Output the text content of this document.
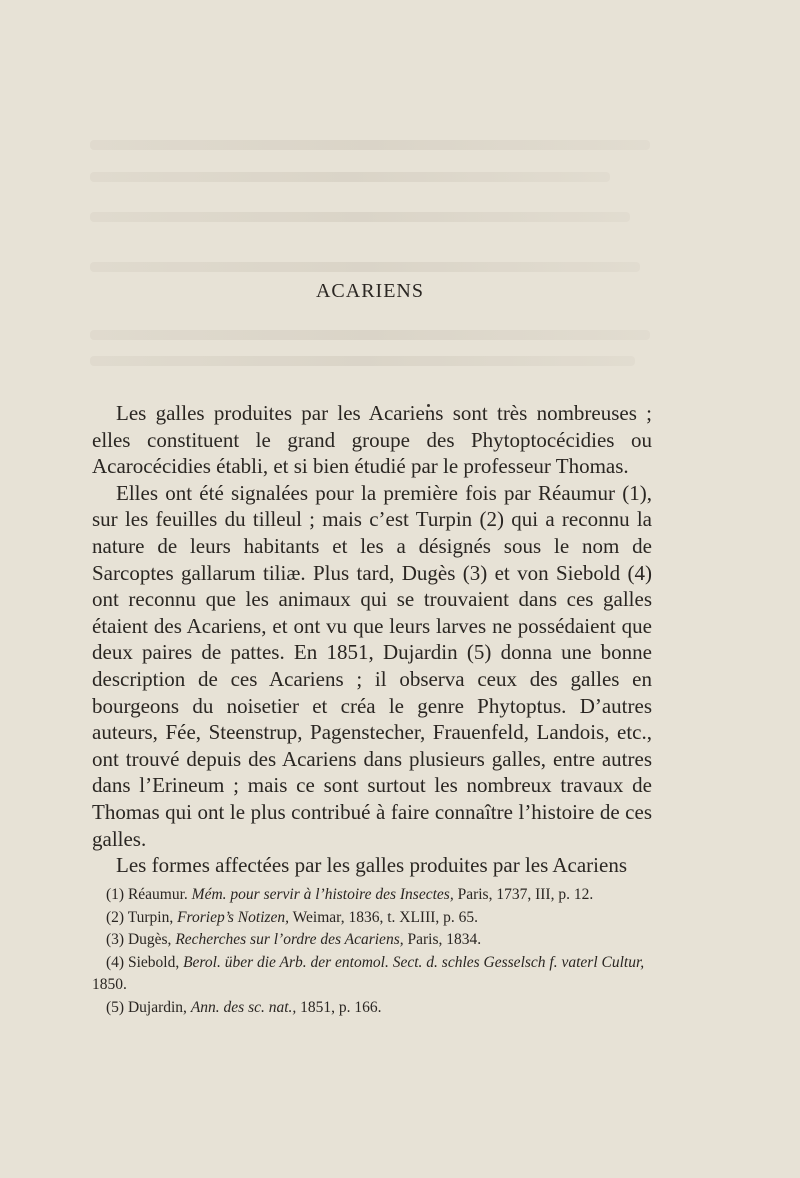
ACARIENS

Les galles produites par les Acariens sont très nombreuses ; elles constituent le grand groupe des Phytoptocécidies ou Acarocécidies établi, et si bien étudié par le professeur Thomas.

Elles ont été signalées pour la première fois par Réaumur (1), sur les feuilles du tilleul ; mais c’est Turpin (2) qui a reconnu la nature de leurs habitants et les a désignés sous le nom de Sarcoptes gallarum tiliæ. Plus tard, Dugès (3) et von Siebold (4) ont reconnu que les animaux qui se trouvaient dans ces galles étaient des Acariens, et ont vu que leurs larves ne possédaient que deux paires de pattes. En 1851, Dujardin (5) donna une bonne description de ces Acariens ; il observa ceux des galles en bourgeons du noisetier et créa le genre Phytoptus. D’autres auteurs, Fée, Steenstrup, Pagenstecher, Frauenfeld, Landois, etc., ont trouvé depuis des Acariens dans plusieurs galles, entre autres dans l’Erineum ; mais ce sont surtout les nombreux travaux de Thomas qui ont le plus contribué à faire connaître l’histoire de ces galles.

Les formes affectées par les galles produites par les Acariens

(1) Réaumur. Mém. pour servir à l’histoire des Insectes, Paris, 1737, III, p. 12.

(2) Turpin, Froriep’s Notizen, Weimar, 1836, t. XLIII, p. 65.

(3) Dugès, Recherches sur l’ordre des Acariens, Paris, 1834.

(4) Siebold, Berol. über die Arb. der entomol. Sect. d. schles Gesselsch f. vaterl Cultur, 1850.

(5) Dujardin, Ann. des sc. nat., 1851, p. 166.
